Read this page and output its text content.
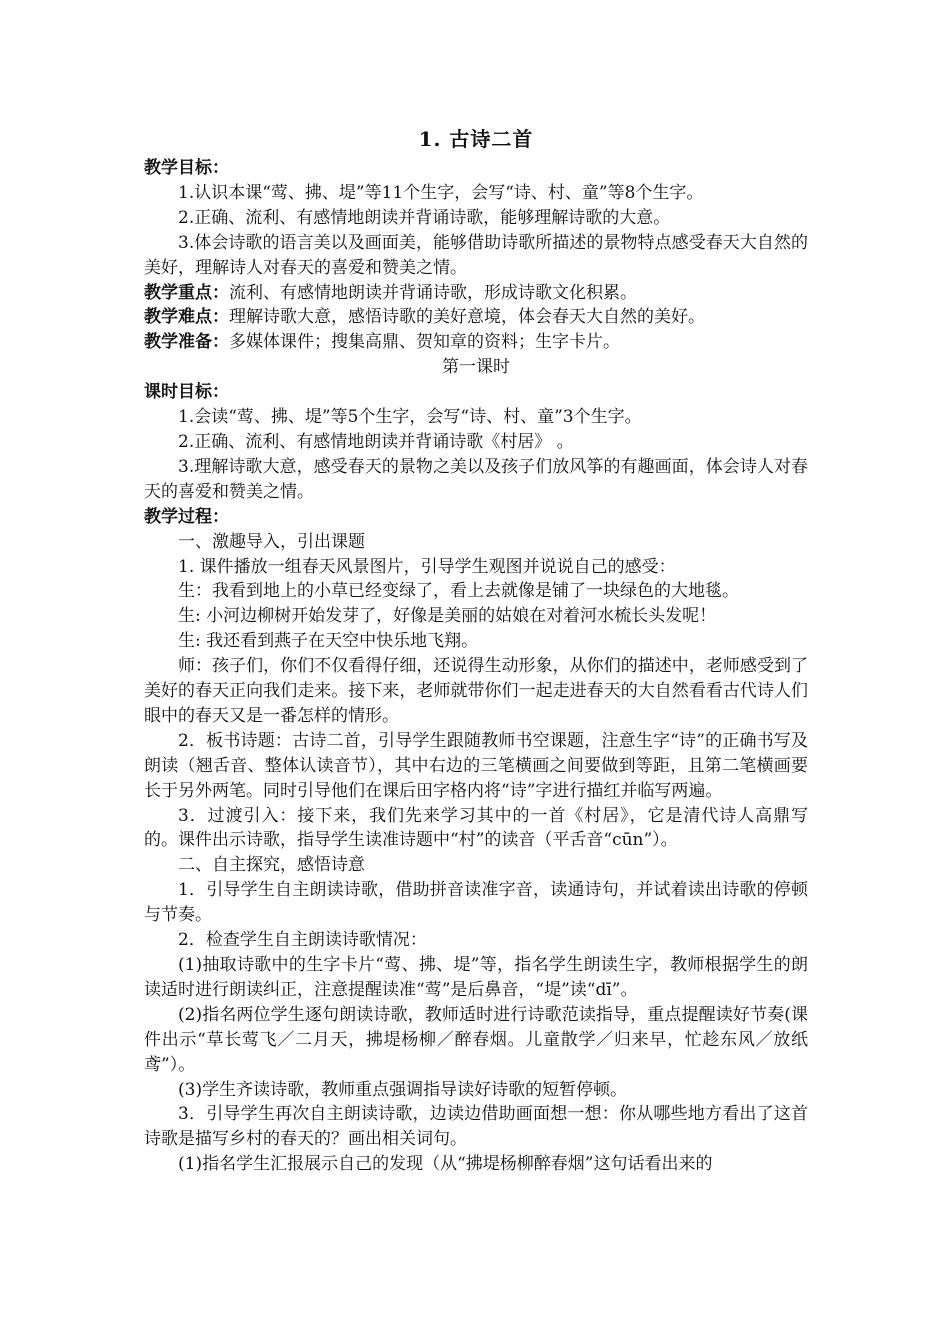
1. 古诗二首
教学目标：
1.认识本课“莺、拂、堤”等11个生字，会写“诗、村、童”等8个生字。
2.正确、流利、有感情地朗读并背诵诗歌，能够理解诗歌的大意。
3.体会诗歌的语言美以及画面美，能够借助诗歌所描述的景物特点感受春天大自然的美好，理解诗人对春天的喜爱和赞美之情。
教学重点：流利、有感情地朗读并背诵诗歌，形成诗歌文化积累。
教学难点：理解诗歌大意，感悟诗歌的美好意境，体会春天大自然的美好。
教学准备：多媒体课件；搜集高鼎、贺知章的资料；生字卡片。
第一课时
课时目标：
1.会读“莺、拂、堤”等5个生字，会写“诗、村、童”3个生字。
2.正确、流利、有感情地朗读并背诵诗歌《村居》 。
3.理解诗歌大意，感受春天的景物之美以及孩子们放风筝的有趣画面，体会诗人对春天的喜爱和赞美之情。
教学过程：
一、激趣导入，引出课题
1. 课件播放一组春天风景图片，引导学生观图并说说自己的感受：
生：我看到地上的小草已经变绿了，看上去就像是铺了一块绿色的大地毯。
生: 小河边柳树开始发芽了，好像是美丽的姑娘在对着河水梳长头发呢！
生: 我还看到燕子在天空中快乐地飞翔。
师：孩子们，你们不仅看得仔细，还说得生动形象，从你们的描述中，老师感受到了美好的春天正向我们走来。接下来，老师就带你们一起走进春天的大自然看看古代诗人们眼中的春天又是一番怎样的情形。
2．板书诗题：古诗二首，引导学生跟随教师书空课题，注意生字“诗”的正确书写及朗读（翘舌音、整体认读音节），其中右边的三笔横画之间要做到等距，且第二笔横画要长于另外两笔。同时引导他们在课后田字格内将“诗”字进行描红并临写两遍。
3．过渡引入：接下来，我们先来学习其中的一首《村居》，它是清代诗人高鼎写的。课件出示诗歌，指导学生读准诗题中“村”的读音（平舌音“cūn”）。
二、自主探究，感悟诗意
1．引导学生自主朗读诗歌，借助拼音读准字音，读通诗句，并试着读出诗歌的停顿与节奏。
2．检查学生自主朗读诗歌情况：
(1)抽取诗歌中的生字卡片“莺、拂、堤”等，指名学生朗读生字，教师根据学生的朗读适时进行朗读纠正，注意提醒读准“莺”是后鼻音，“堤”读“dī”。
(2)指名两位学生逐句朗读诗歌，教师适时进行诗歌范读指导，重点提醒读好节奏(课件出示“草长莺飞／二月天，拂堤杨柳／醉春烟。儿童散学／归来早，忙趁东风／放纸鸢”）。
(3)学生齐读诗歌，教师重点强调指导读好诗歌的短暂停顿。
3．引导学生再次自主朗读诗歌，边读边借助画面想一想：你从哪些地方看出了这首诗歌是描写乡村的春天的？画出相关词句。
(1)指名学生汇报展示自己的发现（从“拂堤杨柳醉春烟”这句话看出来的
